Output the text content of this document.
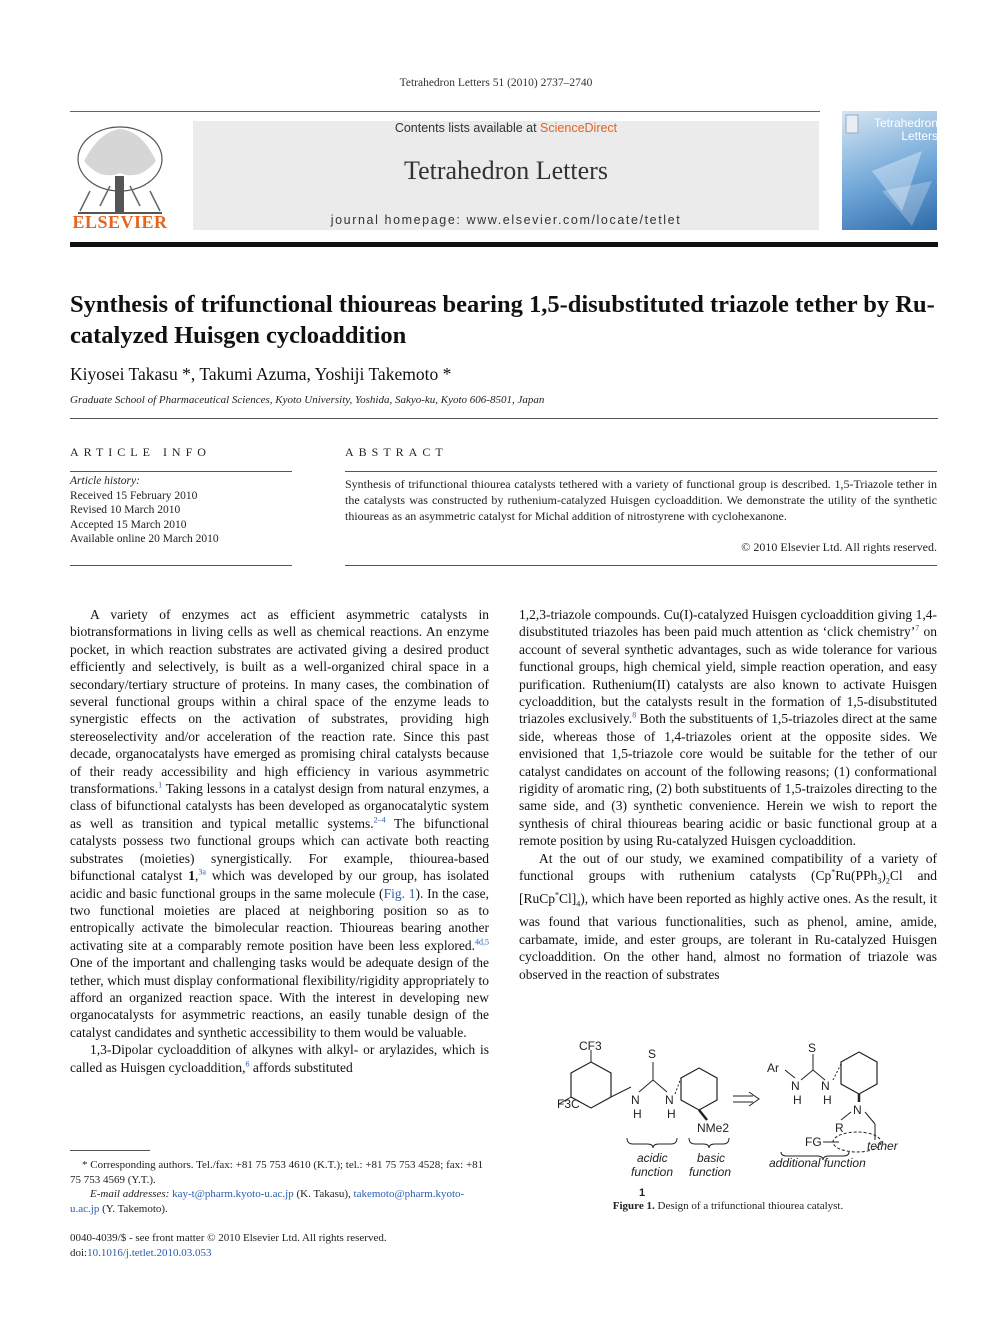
Tetrahedron Letters 51 (2010) 2737–2740
ELSEVIER
Contents lists available at ScienceDirect
Tetrahedron Letters
journal homepage: www.elsevier.com/locate/tetlet
Tetrahedron Letters
Synthesis of trifunctional thioureas bearing 1,5-disubstituted triazole tether by Ru-catalyzed Huisgen cycloaddition
Kiyosei Takasu *, Takumi Azuma, Yoshiji Takemoto *
Graduate School of Pharmaceutical Sciences, Kyoto University, Yoshida, Sakyo-ku, Kyoto 606-8501, Japan
ARTICLE INFO
Article history:
Received 15 February 2010
Revised 10 March 2010
Accepted 15 March 2010
Available online 20 March 2010
ABSTRACT
Synthesis of trifunctional thiourea catalysts tethered with a variety of functional group is described. 1,5-Triazole tether in the catalysts was constructed by ruthenium-catalyzed Huisgen cycloaddition. We demonstrate the utility of the synthetic thioureas as an asymmetric catalyst for Michal addition of nitrostyrene with cyclohexanone.
© 2010 Elsevier Ltd. All rights reserved.

A variety of enzymes act as efficient asymmetric catalysts in biotransformations in living cells as well as chemical reactions. An enzyme pocket, in which reaction substrates are activated giving a desired product efficiently and selectively, is built as a well-organized chiral space in a secondary/tertiary structure of proteins. In many cases, the combination of several functional groups within a chiral space of the enzyme leads to synergistic effects on the activation of substrates, providing high stereoselectivity and/or acceleration of the reaction rate. Since this past decade, organocatalysts have emerged as promising chiral catalysts because of their ready accessibility and high efficiency in various asymmetric transformations.$^1$ Taking lessons in a catalyst design from natural enzymes, a class of bifunctional catalysts has been developed as organocatalytic system as well as transition and typical metallic systems.$^{2-4}$ The bifunctional catalysts possess two functional groups which can activate both reacting substrates (moieties) synergistically. For example, thiourea-based bifunctional catalyst 1,$^{3a}$ which was developed by our group, has isolated acidic and basic functional groups in the same molecule (Fig. 1). In the case, two functional moieties are placed at neighboring position so as to entropically activate the bimolecular reaction. Thioureas bearing another activating site at a comparably remote position have been less explored.$^{4d,5}$ One of the important and challenging tasks would be adequate design of the tether, which must display conformational flexibility/rigidity appropriately to afford an organized reaction space. With the interest in developing new organocatalysts for asymmetric reactions, an easily tunable design of the catalyst candidates and synthetic accessibility to them would be valuable.

1,3-Dipolar cycloaddition of alkynes with alkyl- or arylazides, which is called as Huisgen cycloaddition,$^6$ affords substituted

1,2,3-triazole compounds. Cu(I)-catalyzed Huisgen cycloaddition giving 1,4-disubstituted triazoles has been paid much attention as ‘click chemistry’$^7$ on account of several synthetic advantages, such as wide tolerance for various functional groups, high chemical yield, simple reaction operation, and easy purification. Ruthenium(II) catalysts are also known to activate Huisgen cycloaddition, but the catalysts result in the formation of 1,5-disubstituted triazoles exclusively.$^8$ Both the substituents of 1,5-triazoles direct at the same side, whereas those of 1,4-triazoles orient at the opposite sides. We envisioned that 1,5-triazole core would be suitable for the tether of our catalyst candidates on account of the following reasons; (1) conformational rigidity of aromatic ring, (2) both substituents of 1,5-traizoles directing to the same side, and (3) synthetic convenience. Herein we wish to report the synthesis of chiral thioureas bearing acidic or basic functional group at a remote position by using Ru-catalyzed Huisgen cycloaddition.

At the out of our study, we examined compatibility of a variety of functional groups with ruthenium catalysts ($Cp^*Ru(PPh_3)_2Cl$ and $[RuCp^*Cl]_4$), which have been reported as highly active ones. As the result, it was found that various functionalities, such as phenol, amine, amide, carbamate, imide, and ester groups, are tolerant in Ru-catalyzed Huisgen cycloaddition. On the other hand, almost no formation of triazole was observed in the reaction of substrates

CF3
F3C	N
H
S
N
H
NMe2
acidic
function
basic
function
1
Ar
N
H
S
N
H
N
R
FG	tether
additional function
Figure 1. Design of a trifunctional thiourea catalyst.
* Corresponding authors. Tel./fax: +81 75 753 4610 (K.T.); tel.: +81 75 753 4528; fax: +81 75 753 4569 (Y.T.).
E-mail addresses: kay-t@pharm.kyoto-u.ac.jp (K. Takasu), takemoto@pharm.kyoto-u.ac.jp (Y. Takemoto).
0040-4039/$ - see front matter © 2010 Elsevier Ltd. All rights reserved.
doi:10.1016/j.tetlet.2010.03.053
